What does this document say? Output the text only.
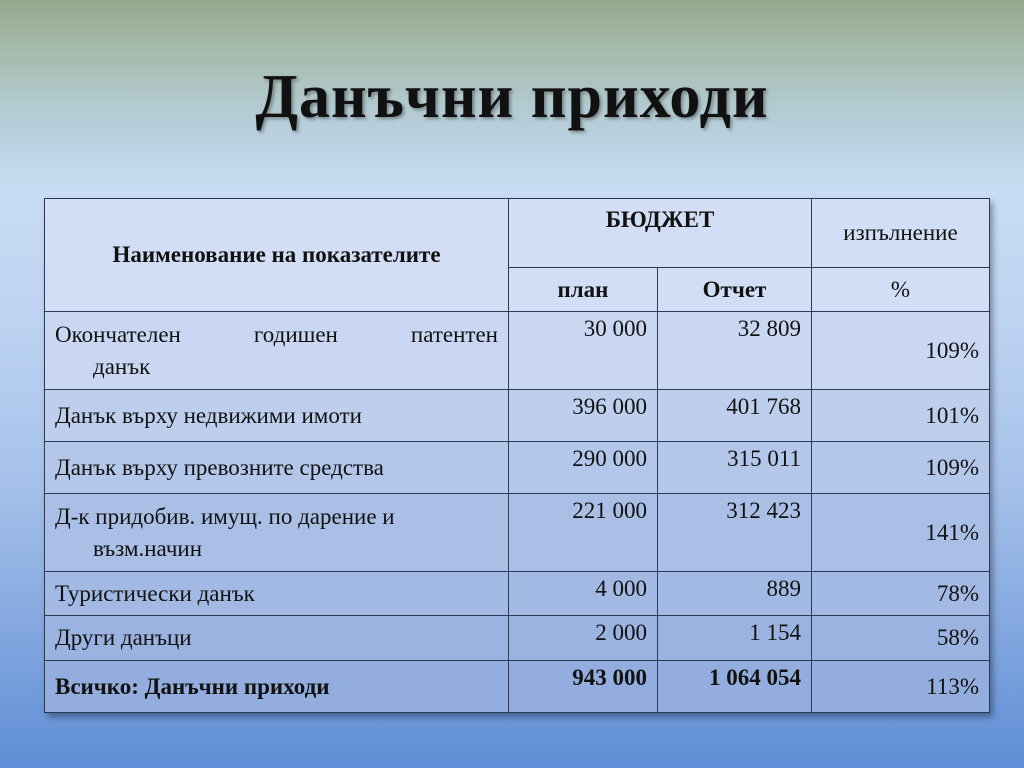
Данъчни приходи
Наименование на показателите	БЮДЖЕТ		изпълнение
	план	Отчет	%

Окончателен годишен патентен
данък	30 000	32 809	109%
Данък върху недвижими имоти	396 000	401 768	101%
Данък върху превозните средства	290 000	315 011	109%

Д-к придобив. имущ. по дарение и
възм.начин	221 000	312 423	141%
Туристически данък	4 000	889	78%
Други данъци	2 000	1 154	58%
Всичко: Данъчни приходи	943 000	1 064 054	113%
